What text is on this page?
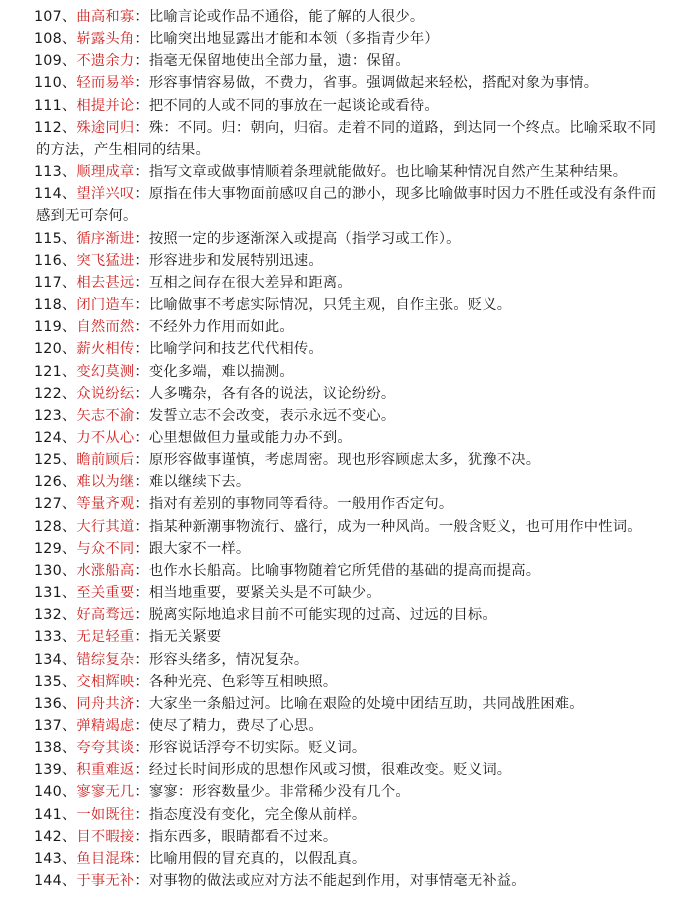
107、曲高和寡：比喻言论或作品不通俗，能了解的人很少。
108、崭露头角：比喻突出地显露出才能和本领（多指青少年）
109、不遗余力：指毫无保留地使出全部力量，遗：保留。
110、轻而易举：形容事情容易做，不费力，省事。强调做起来轻松，搭配对象为事情。
111、相提并论：把不同的人或不同的事放在一起谈论或看待。
112、殊途同归：殊：不同。归：朝向，归宿。走着不同的道路，到达同一个终点。比喻采取不同的方法，产生相同的结果。
113、顺理成章：指写文章或做事情顺着条理就能做好。也比喻某种情况自然产生某种结果。
114、望洋兴叹：原指在伟大事物面前感叹自己的渺小，现多比喻做事时因力不胜任或没有条件而感到无可奈何。
115、循序渐进：按照一定的步逐渐深入或提高（指学习或工作）。
116、突飞猛进：形容进步和发展特别迅速。
117、相去甚远：互相之间存在很大差异和距离。
118、闭门造车：比喻做事不考虑实际情况，只凭主观，自作主张。贬义。
119、自然而然：不经外力作用而如此。
120、薪火相传：比喻学问和技艺代代相传。
121、变幻莫测：变化多端，难以揣测。
122、众说纷纭：人多嘴杂，各有各的说法，议论纷纷。
123、矢志不渝：发誓立志不会改变，表示永远不变心。
124、力不从心：心里想做但力量或能力办不到。
125、瞻前顾后：原形容做事谨慎，考虑周密。现也形容顾虑太多，犹豫不决。
126、难以为继：难以继续下去。
127、等量齐观：指对有差别的事物同等看待。一般用作否定句。
128、大行其道：指某种新潮事物流行、盛行，成为一种风尚。一般含贬义，也可用作中性词。
129、与众不同：跟大家不一样。
130、水涨船高：也作水长船高。比喻事物随着它所凭借的基础的提高而提高。
131、至关重要：相当地重要，要紧关头是不可缺少。
132、好高骛远：脱离实际地追求目前不可能实现的过高、过远的目标。
133、无足轻重：指无关紧要
134、错综复杂：形容头绪多，情况复杂。
135、交相辉映：各种光亮、色彩等互相映照。
136、同舟共济：大家坐一条船过河。比喻在艰险的处境中团结互助，共同战胜困难。
137、弹精竭虑：使尽了精力，费尽了心思。
138、夸夸其谈：形容说话浮夸不切实际。贬义词。
139、积重难返：经过长时间形成的思想作风或习惯，很难改变。贬义词。
140、寥寥无几：寥寥：形容数量少。非常稀少没有几个。
141、一如既往：指态度没有变化，完全像从前样。
142、目不暇接：指东西多，眼睛都看不过来。
143、鱼目混珠：比喻用假的冒充真的，以假乱真。
144、于事无补：对事物的做法或应对方法不能起到作用，对事情毫无补益。
